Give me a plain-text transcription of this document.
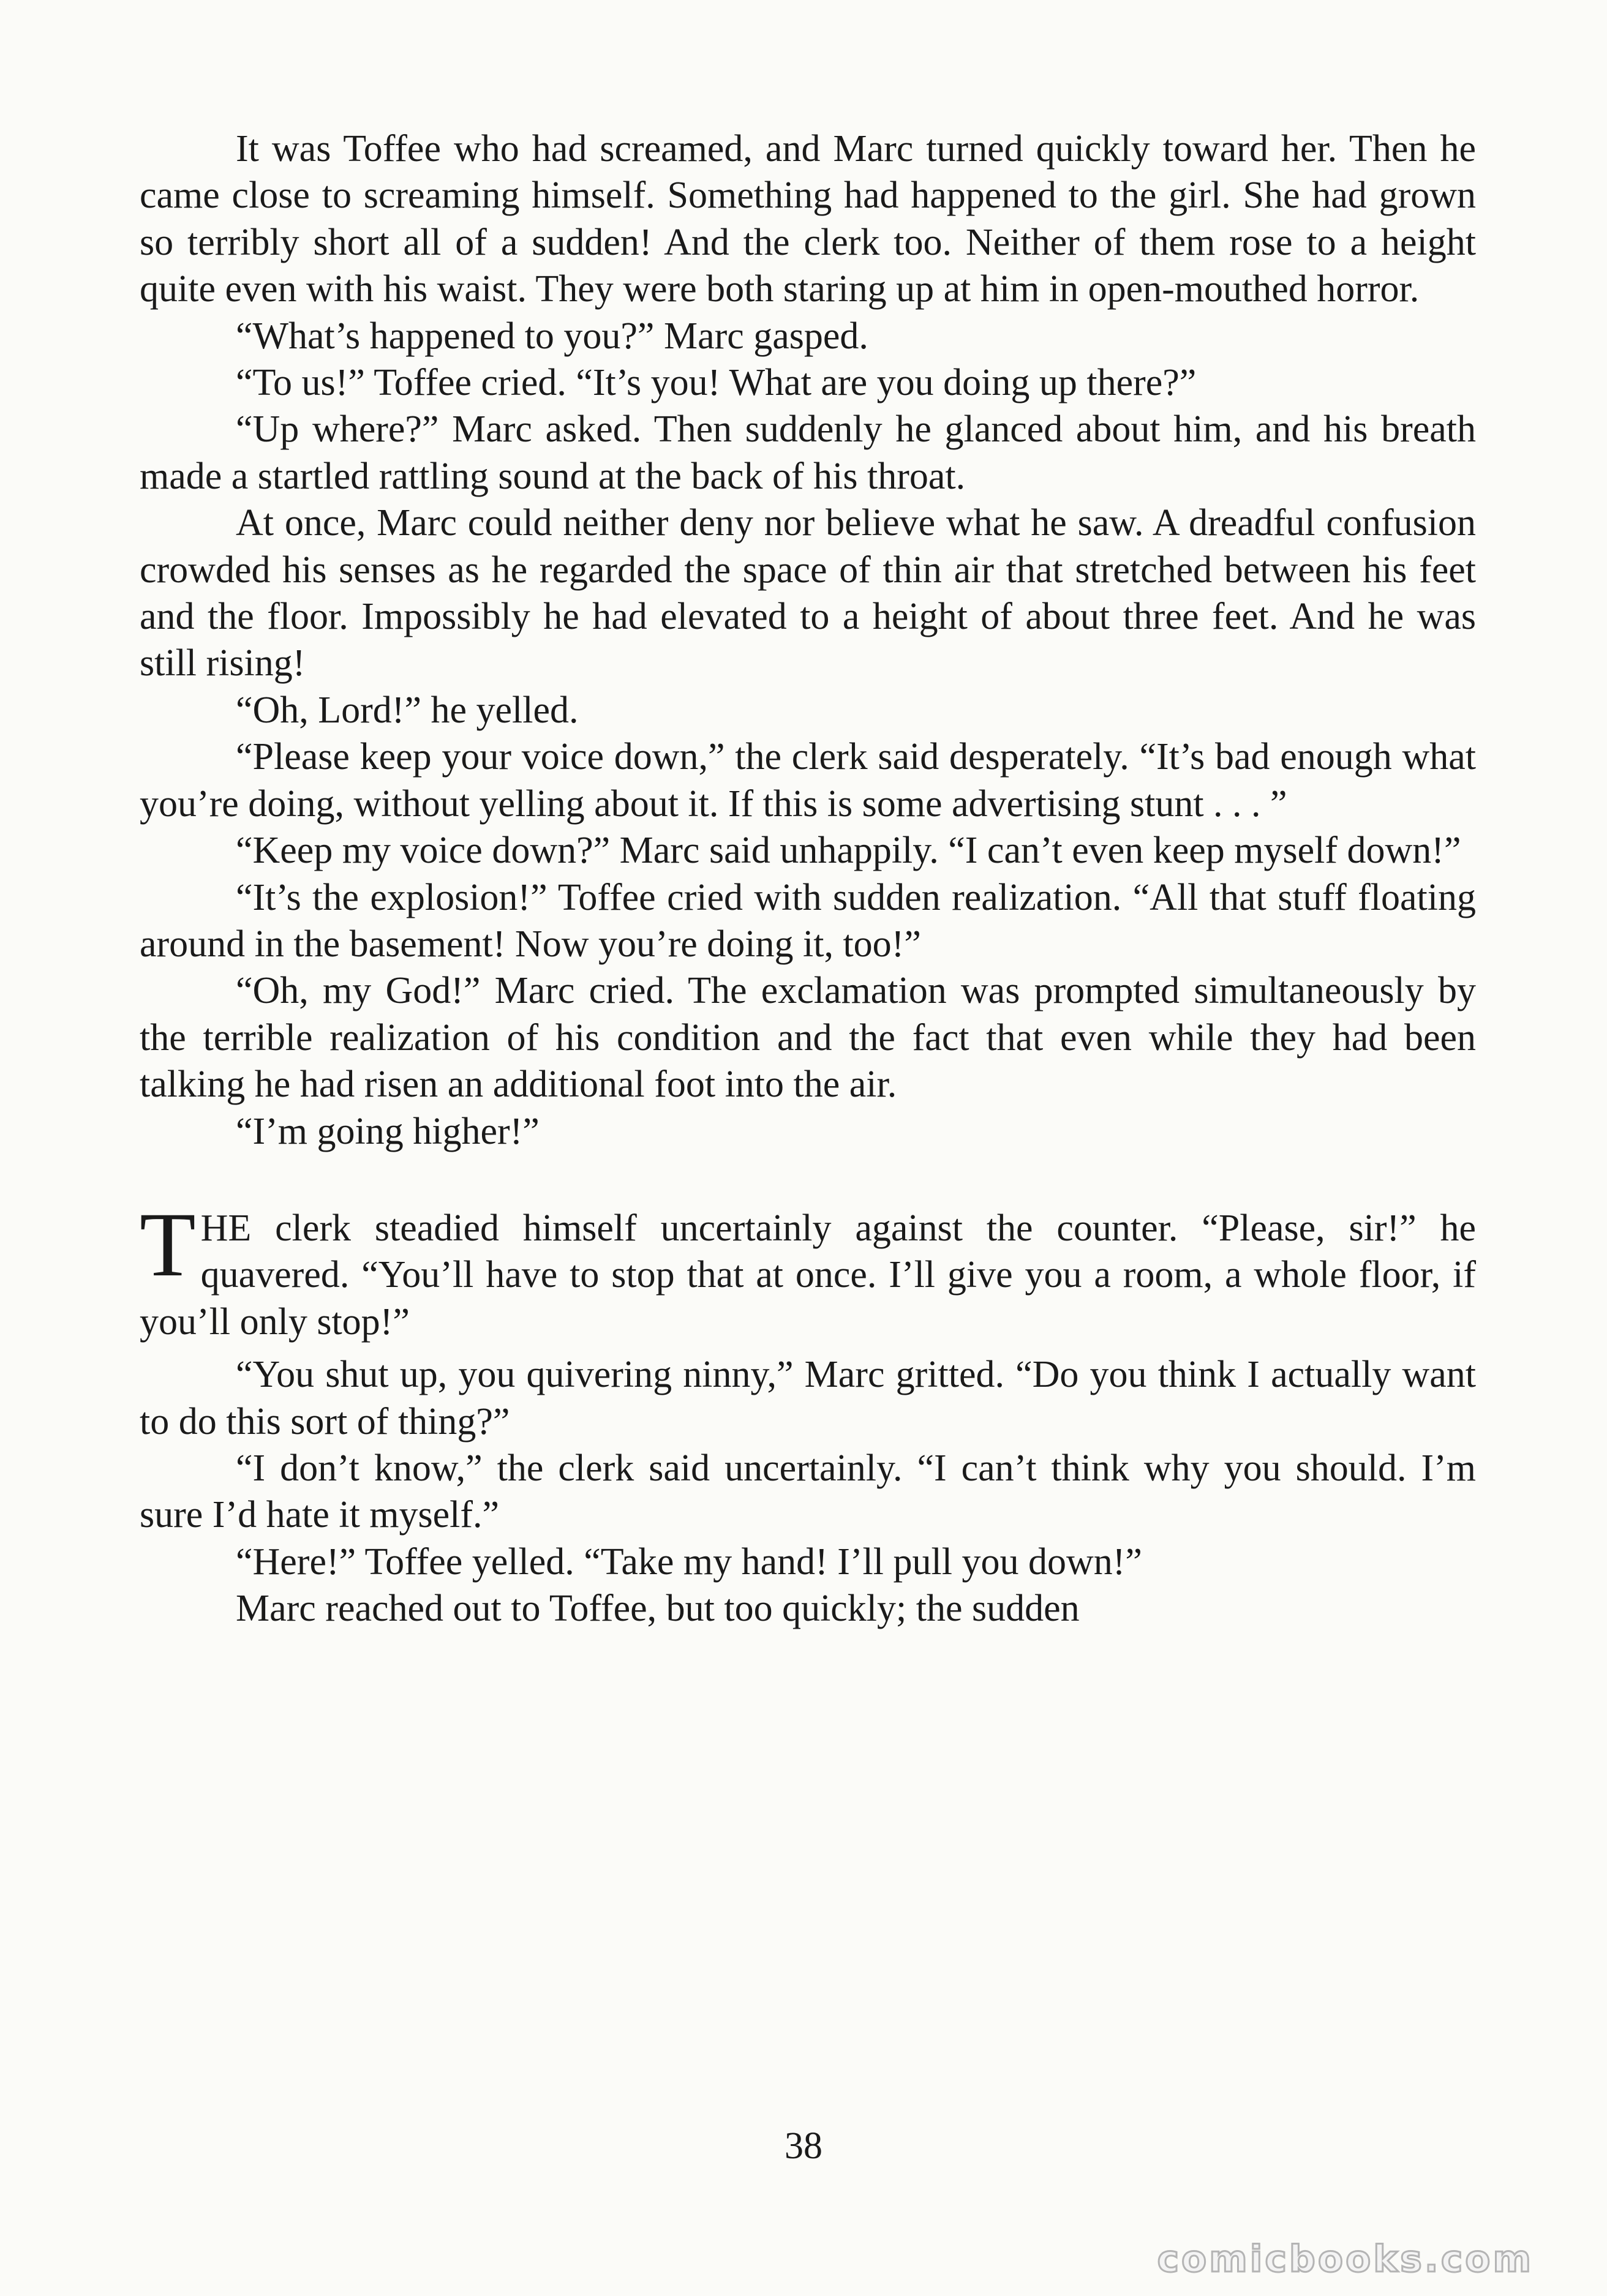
It was Toffee who had screamed, and Marc turned quickly toward her. Then he came close to screaming himself. Something had happened to the girl. She had grown so terribly short all of a sudden! And the clerk too. Neither of them rose to a height quite even with his waist. They were both staring up at him in open-mouthed horror.

“What’s happened to you?” Marc gasped.

“To us!” Toffee cried. “It’s you! What are you doing up there?”

“Up where?” Marc asked. Then suddenly he glanced about him, and his breath made a startled rattling sound at the back of his throat.

At once, Marc could neither deny nor believe what he saw. A dreadful confusion crowded his senses as he regarded the space of thin air that stretched between his feet and the floor. Impossibly he had elevated to a height of about three feet. And he was still rising!

“Oh, Lord!” he yelled.

“Please keep your voice down,” the clerk said desperately. “It’s bad enough what you’re doing, without yelling about it. If this is some advertising stunt . . . ”

“Keep my voice down?” Marc said unhappily. “I can’t even keep myself down!”

“It’s the explosion!” Toffee cried with sudden realization. “All that stuff floating around in the basement! Now you’re doing it, too!”

“Oh, my God!” Marc cried. The exclamation was prompted simultaneously by the terrible realization of his condition and the fact that even while they had been talking he had risen an additional foot into the air.

“I’m going higher!”

THE clerk steadied himself uncertainly against the counter. “Please, sir!” he quavered. “You’ll have to stop that at once. I’ll give you a room, a whole floor, if you’ll only stop!”

“You shut up, you quivering ninny,” Marc gritted. “Do you think I actually want to do this sort of thing?”

“I don’t know,” the clerk said uncertainly. “I can’t think why you should. I’m sure I’d hate it myself.”

“Here!” Toffee yelled. “Take my hand! I’ll pull you down!”

Marc reached out to Toffee, but too quickly; the sudden

38
comicbooks.com
